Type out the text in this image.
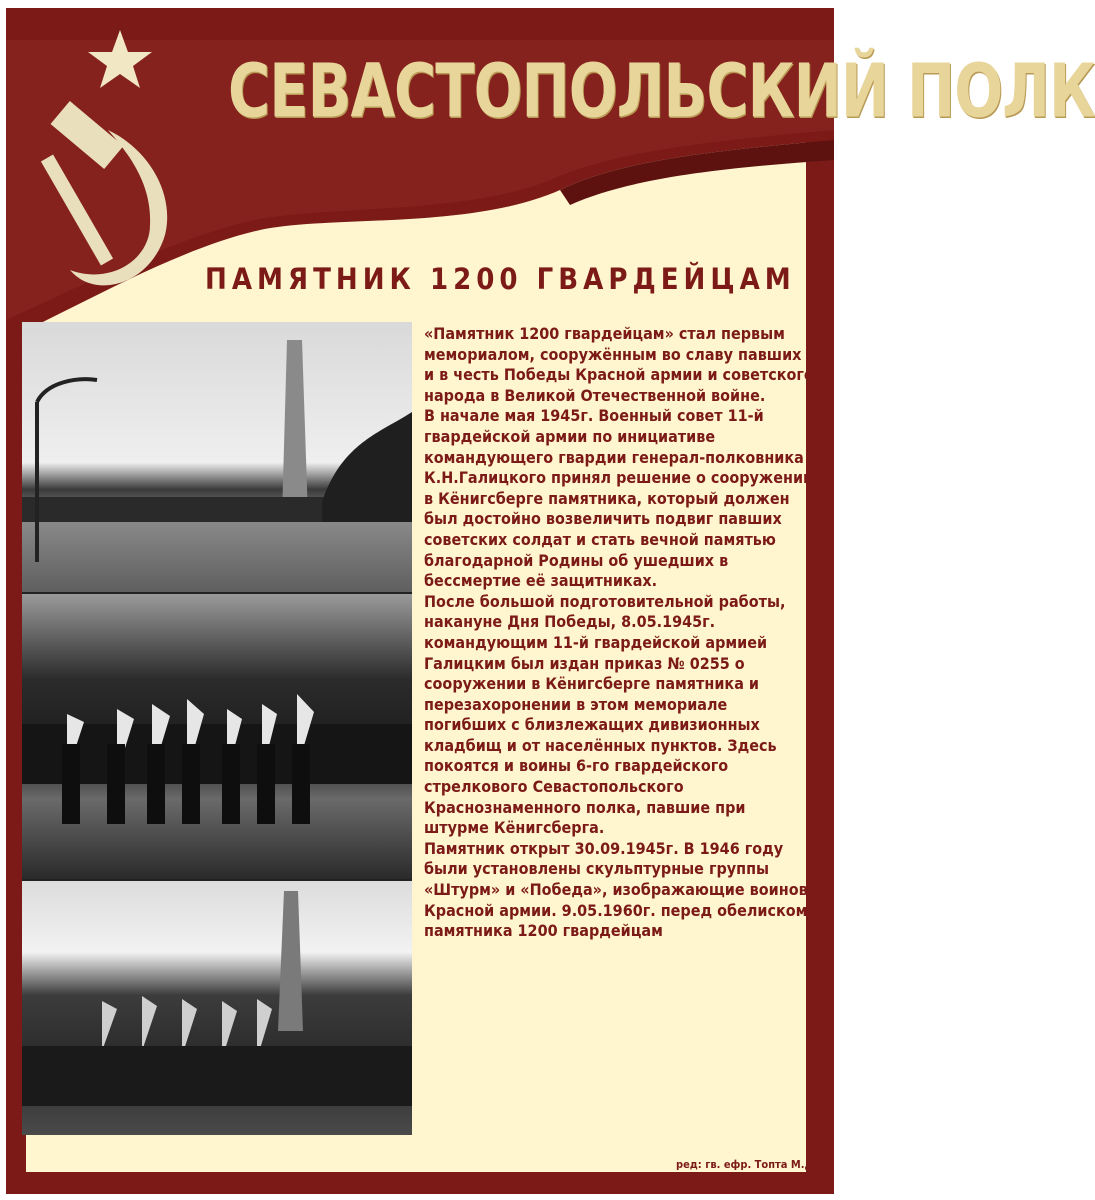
СЕВАСТОПОЛЬСКИЙ ПОЛК
ПАМЯТНИК 1200 ГВАРДЕЙЦАМ

«Памятник 1200 гвардейцам» стал первым мемориалом, сооружённым во славу павших и в честь Победы Красной армии и советского народа в Великой Отечественной войне.

В начале мая 1945г. Военный совет 11-й гвардейской армии по инициативе командующего гвардии генерал-полковника К.Н.Галицкого принял решение о сооружении в Кёнигсберге памятника, который должен был достойно возвеличить подвиг павших советских солдат и стать вечной памятью благодарной Родины об ушедших в бессмертие её защитниках.

После большой подготовительной работы, накануне Дня Победы, 8.05.1945г. командующим 11-й гвардейской армией Галицким был издан приказ № 0255 о сооружении в Кёнигсберге памятника и перезахоронении в этом мемориале погибших с близлежащих дивизионных кладбищ и от населённых пунктов. Здесь покоятся и воины 6-го гвардейского стрелкового Севастопольского Краснознаменного полка, павшие при штурме Кёнигсберга.

Памятник открыт 30.09.1945г. В 1946 году были установлены скульптурные группы «Штурм» и «Победа», изображающие воинов Красной армии. 9.05.1960г. перед обелиском памятника 1200 гвардейцам

ред: гв. ефр. Топта М.Д
